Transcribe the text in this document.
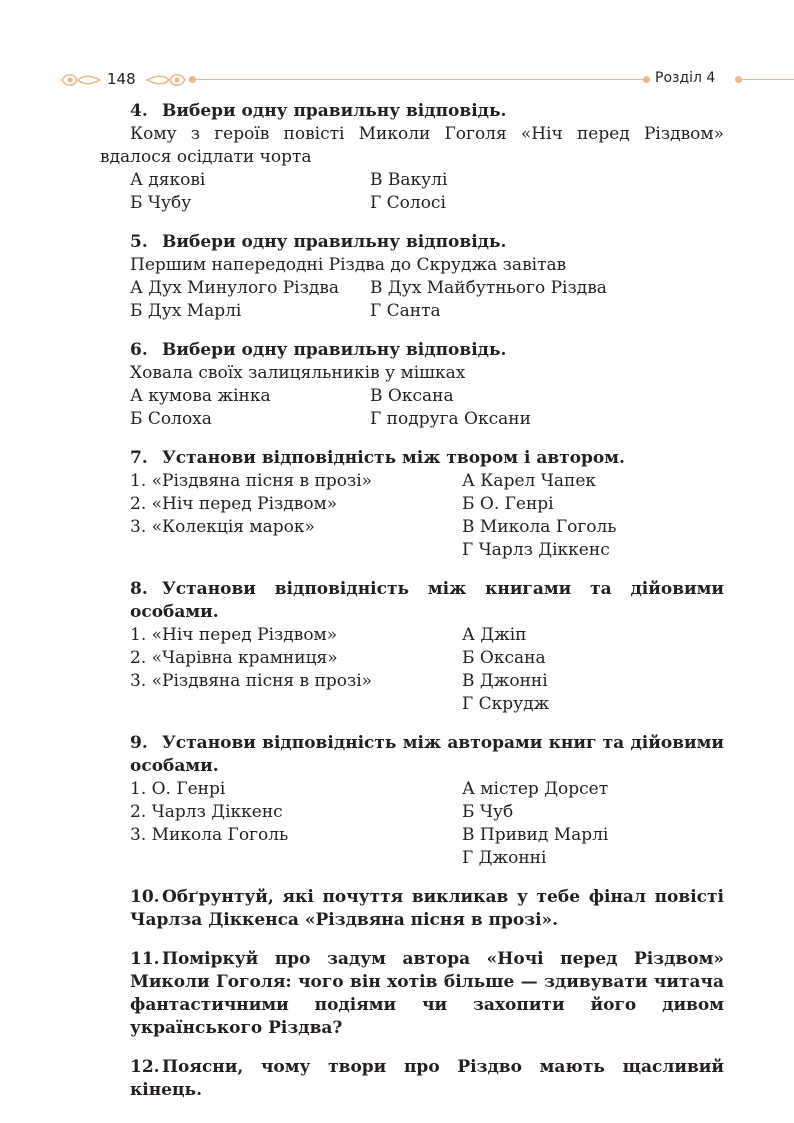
148	Розділ 4
4. Вибери одну правильну відповідь.
Кому з героїв повісті Миколи Гоголя «Ніч перед Різдвом» вдалося осідлати чорта
А дякові	В Вакулі
Б Чубу	Г Солосі
5. Вибери одну правильну відповідь.
Першим напередодні Різдва до Скруджа завітав
А Дух Минулого Різдва	В Дух Майбутнього Різдва
Б Дух Марлі	Г Санта
6. Вибери одну правильну відповідь.
Ховала своїх залицяльників у мішках
А кумова жінка	В Оксана
Б Солоха	Г подруга Оксани
7. Установи відповідність між твором і автором.
1. «Різдвяна пісня в прозі»	А Карел Чапек
2. «Ніч перед Різдвом»	Б О. Генрі
3. «Колекція марок»	В Микола Гоголь
Г Чарлз Діккенс
8. Установи відповідність між книгами та дійовими особами.
1. «Ніч перед Різдвом»	А Джіп
2. «Чарівна крамниця»	Б Оксана
3. «Різдвяна пісня в прозі»	В Джонні
Г Скрудж
9. Установи відповідність між авторами книг та дійовими особами.
1. О. Генрі	А містер Дорсет
2. Чарлз Діккенс	Б Чуб
3. Микола Гоголь	В Привид Марлі
Г Джонні
10. Обґрунтуй, які почуття викликав у тебе фінал повісті Чарлза Діккенса «Різдвяна пісня в прозі».
11. Поміркуй про задум автора «Ночі перед Різдвом» Миколи Гоголя: чого він хотів більше — здивувати читача фантастичними подіями чи захопити його дивом українського Різдва?
12. Поясни, чому твори про Різдво мають щасливий кінець.
